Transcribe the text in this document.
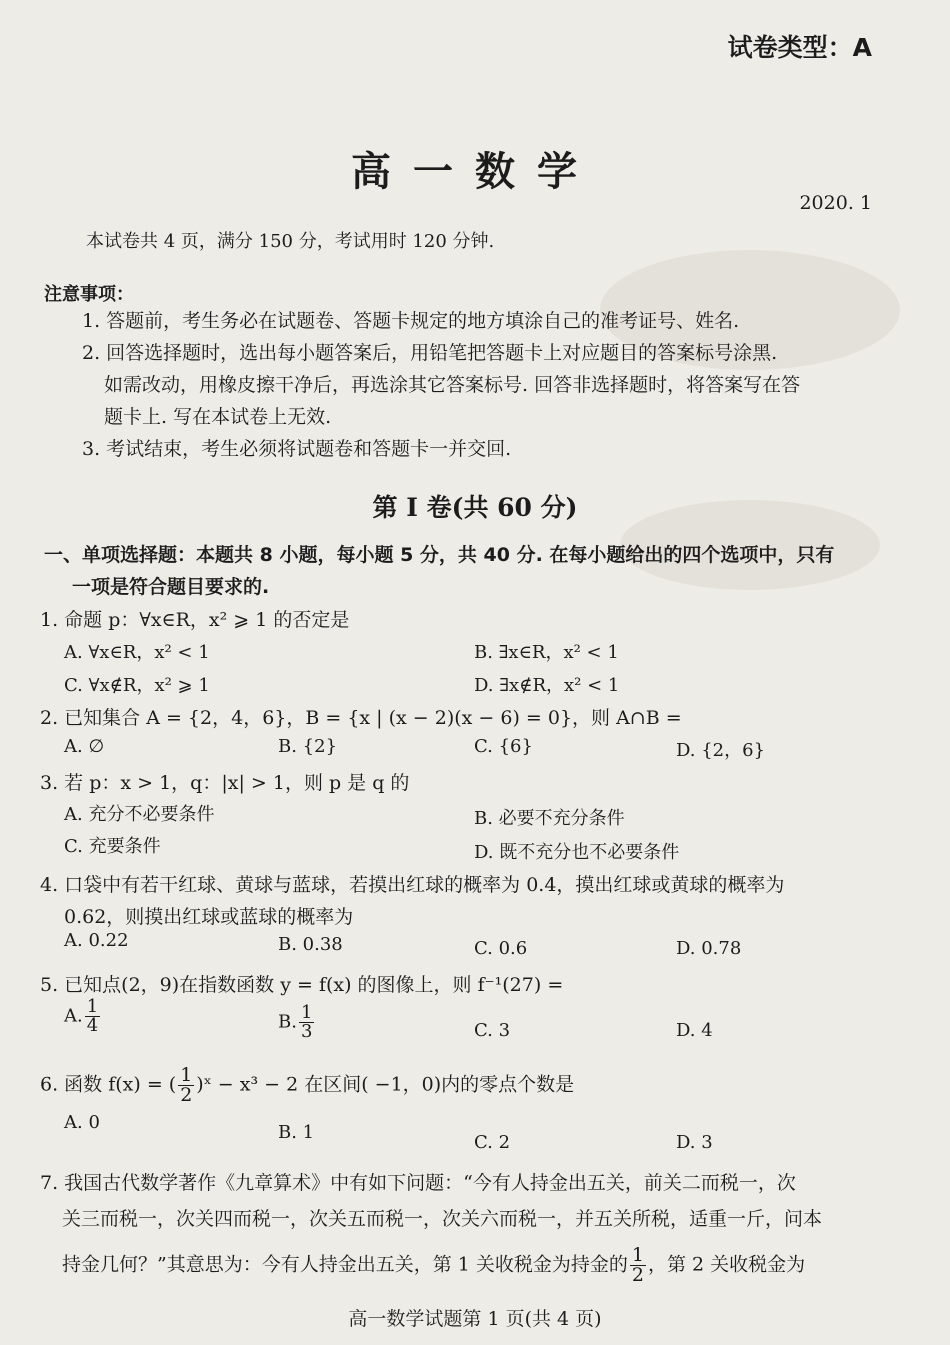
试卷类型：A
高一数学
2020. 1
本试卷共 4 页，满分 150 分，考试用时 120 分钟.
注意事项：
1. 答题前，考生务必在试题卷、答题卡规定的地方填涂自己的准考证号、姓名.
2. 回答选择题时，选出每小题答案后，用铅笔把答题卡上对应题目的答案标号涂黑.
如需改动，用橡皮擦干净后，再选涂其它答案标号. 回答非选择题时，将答案写在答
题卡上. 写在本试卷上无效.
3. 考试结束，考生必须将试题卷和答题卡一并交回.
第 I 卷(共 60 分)
一、单项选择题：本题共 8 小题，每小题 5 分，共 40 分. 在每小题给出的四个选项中，只有
一项是符合题目要求的.
1. 命题 p：∀x∈R，x² ⩾ 1 的否定是
A. ∀x∈R，x² < 1	B. ∃x∈R，x² < 1
C. ∀x∉R，x² ⩾ 1	D. ∃x∉R，x² < 1
2. 已知集合 A = {2，4，6}，B = {x | (x − 2)(x − 6) = 0}，则 A∩B =
A. ∅	B. {2}	C. {6}	D. {2，6}
3. 若 p：x > 1，q：|x| > 1，则 p 是 q 的
A. 充分不必要条件	B. 必要不充分条件
C. 充要条件	D. 既不充分也不必要条件
4. 口袋中有若干红球、黄球与蓝球，若摸出红球的概率为 0.4，摸出红球或黄球的概率为
0.62，则摸出红球或蓝球的概率为
A. 0.22	B. 0.38	C. 0.6	D. 0.78
5. 已知点(2，9)在指数函数 y = f(x) 的图像上，则 f⁻¹(27) =
A. $\frac{1}{4}$	B. $\frac{1}{3}$	C. 3	D. 4
6. 函数 f(x) = ( $\frac{1}{2}$ )ˣ − x³ − 2 在区间( −1，0)内的零点个数是
A. 0	B. 1	C. 2	D. 3
7. 我国古代数学著作《九章算术》中有如下问题：“今有人持金出五关，前关二而税一，次
关三而税一，次关四而税一，次关五而税一，次关六而税一，并五关所税，适重一斤，问本
持金几何？”其意思为：今有人持金出五关，第 1 关收税金为持金的 $\frac{1}{2}$ ，第 2 关收税金为
高一数学试题第 1 页(共 4 页)
